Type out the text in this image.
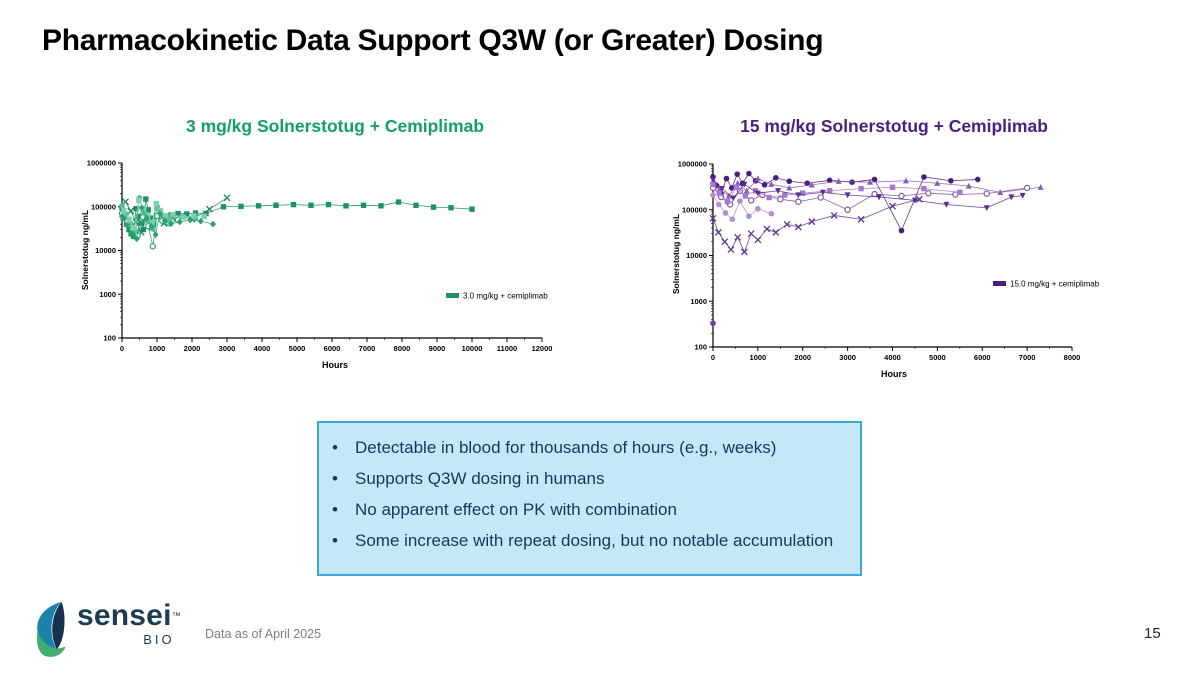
Pharmacokinetic Data Support Q3W (or Greater) Dosing
3 mg/kg Solnerstotug + Cemiplimab
Solnerstotug ng/mL
100
1000
10000
100000
1000000
0	1000 2000 3000 4000 5000 6000 7000 8000 9000 10000 11000 12000
3.0 mg/kg + cemiplimab
Hours
15 mg/kg Solnerstotug + Cemiplimab
Solnerstotug ng/mL
100
1000
10000
100000
1000000
0	1000	2000	3000	4000	5000	6000	7000	8000
15.0 mg/kg + cemiplimab
Hours
• Detectable in blood for thousands of hours (e.g., weeks)
• Supports Q3W dosing in humans
• No apparent effect on PK with combination
• Some increase with repeat dosing, but no notable accumulation
sensei™
BIO	Data as of April 2025	15
